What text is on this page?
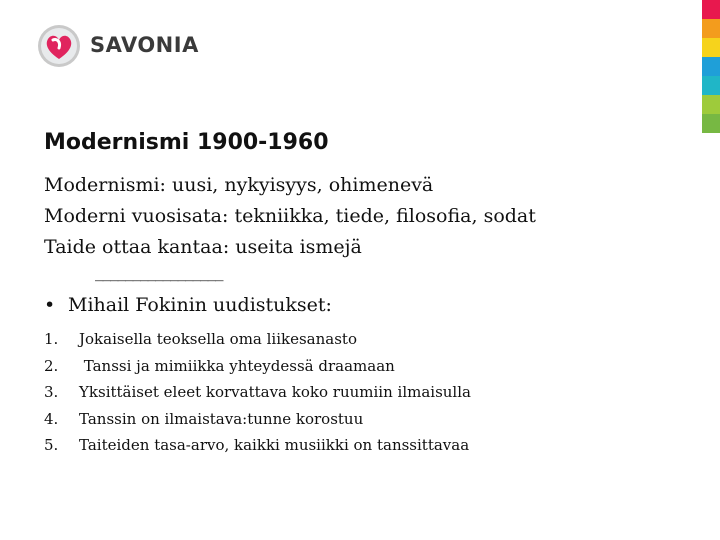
SAVONIA
Modernismi 1900-1960
Modernismi: uusi, nykyisyys, ohimenevä
Moderni vuosisata: tekniikka, tiede, filosofia, sodat
Taide ottaa kantaa: useita ismejä
_________________
• Mihail Fokinin uudistukset:
1. Jokaisella teoksella oma liikesanasto
2. Tanssi ja mimiikka yhteydessä draamaan
3. Yksittäiset eleet korvattava koko ruumiin ilmaisulla
4. Tanssin on ilmaistava:tunne korostuu
5. Taiteiden tasa-arvo, kaikki musiikki on tanssittavaa
